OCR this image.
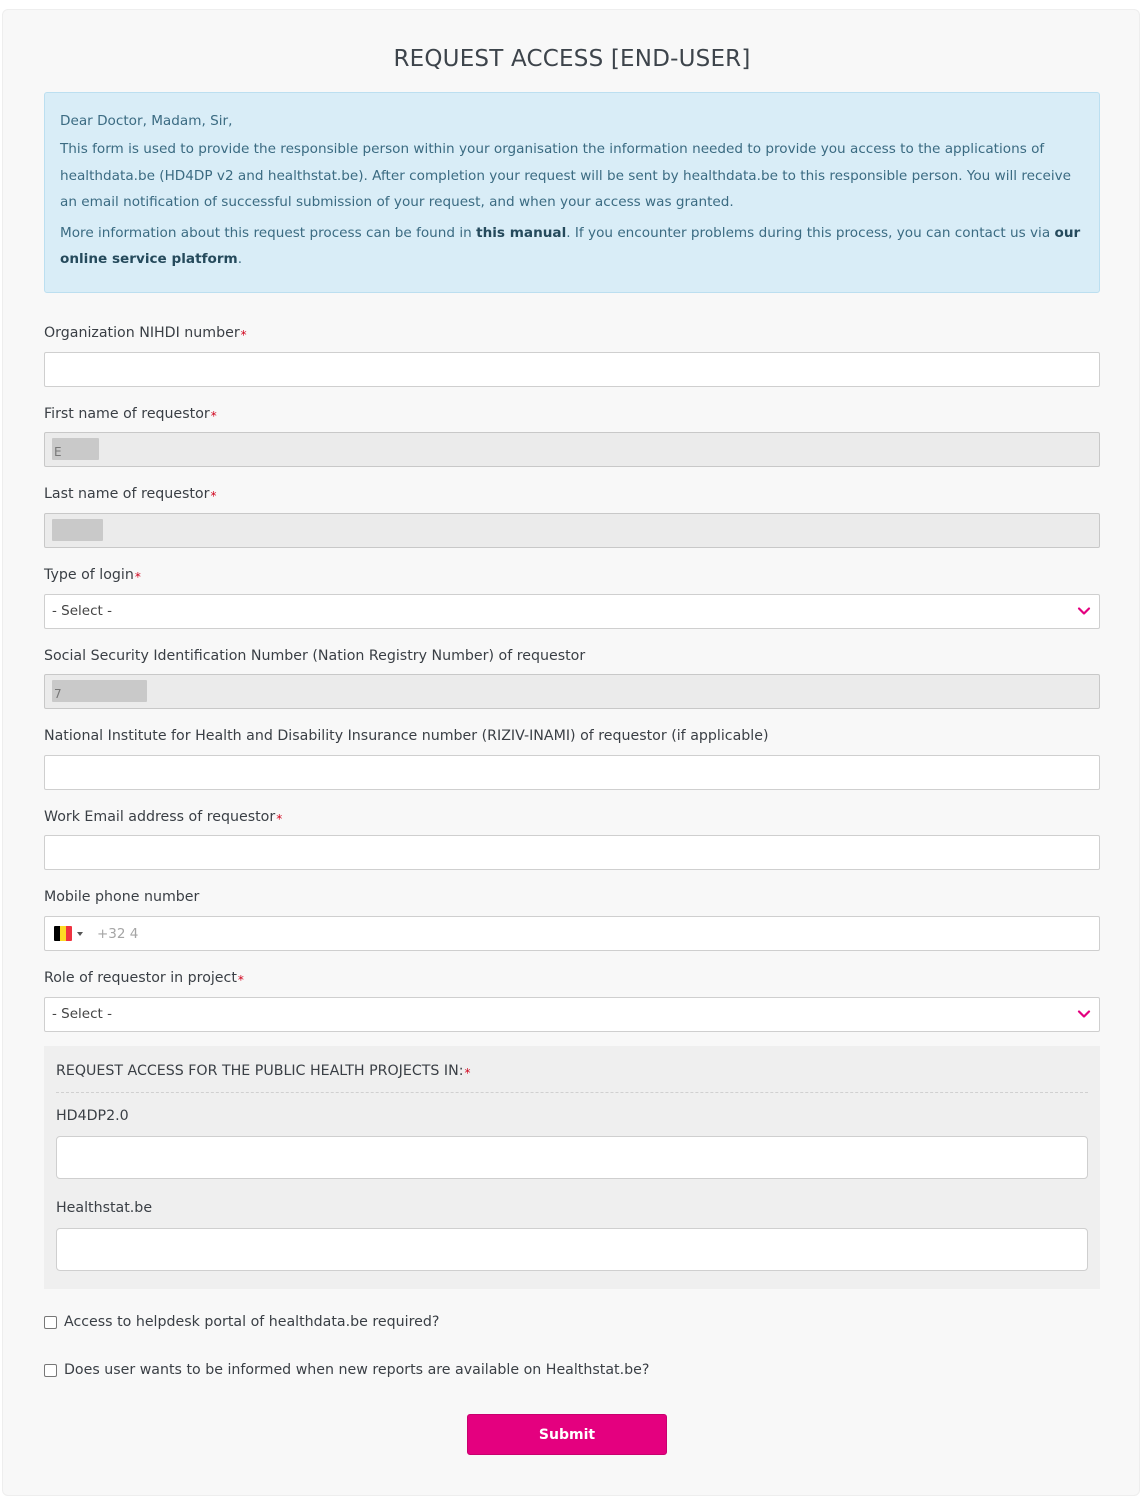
REQUEST ACCESS [END-USER]

Dear Doctor, Madam, Sir,

This form is used to provide the responsible person within your organisation the information needed to provide you access to the applications of healthdata.be (HD4DP v2 and healthstat.be). After completion your request will be sent by healthdata.be to this responsible person. You will receive an email notification of successful submission of your request, and when your access was granted.

More information about this request process can be found in this manual. If you encounter problems during this process, you can contact us via our online service platform.

Organization NIHDI number*
First name of requestor*
E
Last name of requestor*
Type of login*
- Select -
Social Security Identification Number (Nation Registry Number) of requestor
7
National Institute for Health and Disability Insurance number (RIZIV-INAMI) of requestor (if applicable)
Work Email address of requestor*
Mobile phone number
+32 4
Role of requestor in project*
- Select -
REQUEST ACCESS FOR THE PUBLIC HEALTH PROJECTS IN:*
HD4DP2.0
Healthstat.be
Access to helpdesk portal of healthdata.be required?
Does user wants to be informed when new reports are available on Healthstat.be?
Submit
